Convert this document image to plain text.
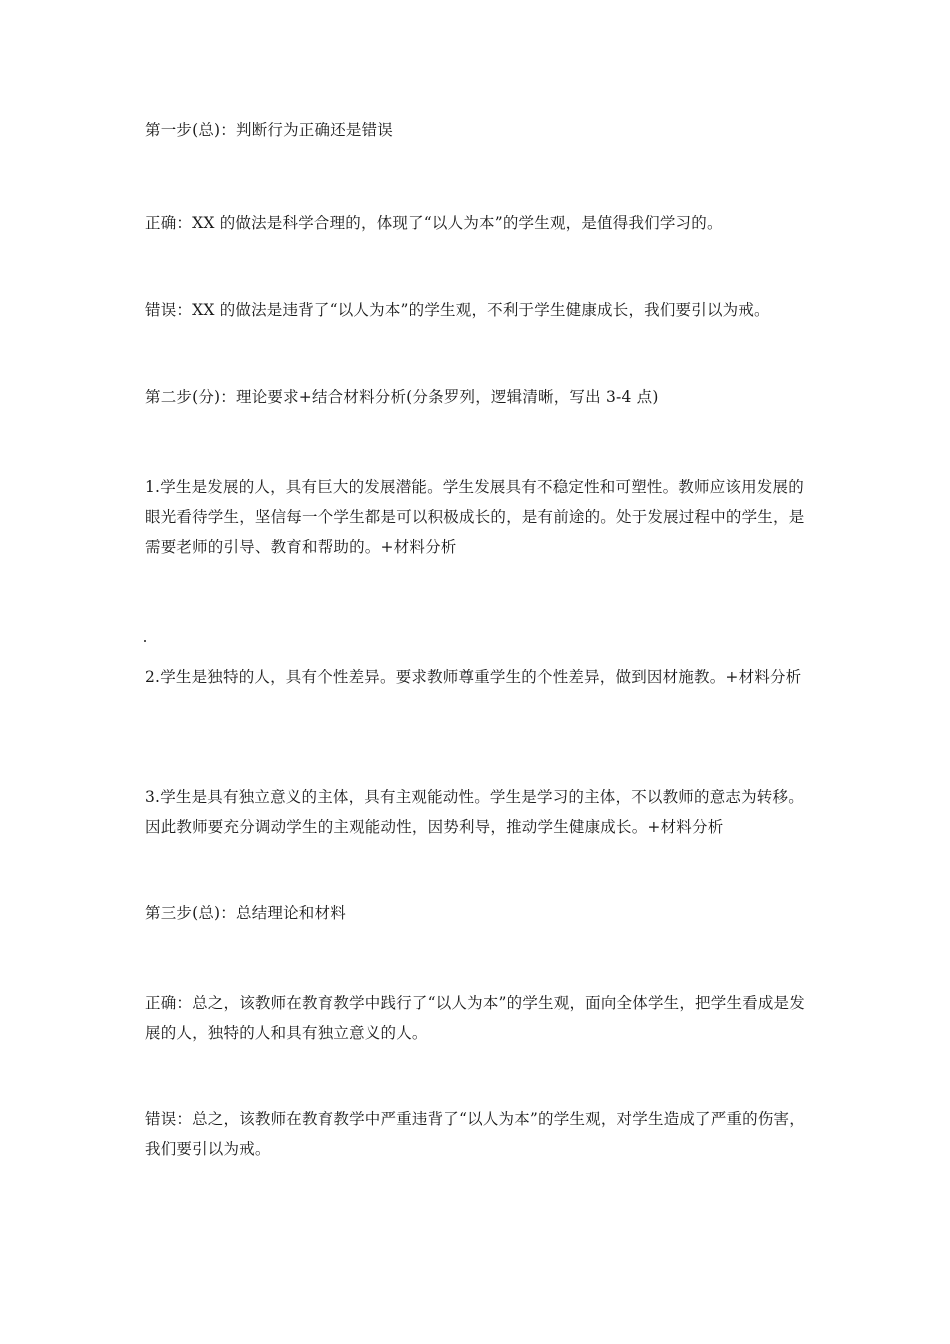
第一步(总)：判断行为正确还是错误

正确：XX 的做法是科学合理的，体现了“以人为本”的学生观，是值得我们学习的。

错误：XX 的做法是违背了“以人为本”的学生观，不利于学生健康成长，我们要引以为戒。

第二步(分)：理论要求+结合材料分析(分条罗列，逻辑清晰，写出 3-4 点)

1.学生是发展的人，具有巨大的发展潜能。学生发展具有不稳定性和可塑性。教师应该用发展的眼光看待学生，坚信每一个学生都是可以积极成长的，是有前途的。处于发展过程中的学生，是需要老师的引导、教育和帮助的。+材料分析

2.学生是独特的人，具有个性差异。要求教师尊重学生的个性差异，做到因材施教。+材料分析

3.学生是具有独立意义的主体，具有主观能动性。学生是学习的主体，不以教师的意志为转移。因此教师要充分调动学生的主观能动性，因势利导，推动学生健康成长。+材料分析

第三步(总)：总结理论和材料

正确：总之，该教师在教育教学中践行了“以人为本”的学生观，面向全体学生，把学生看成是发展的人，独特的人和具有独立意义的人。

错误：总之，该教师在教育教学中严重违背了“以人为本”的学生观，对学生造成了严重的伤害，我们要引以为戒。
